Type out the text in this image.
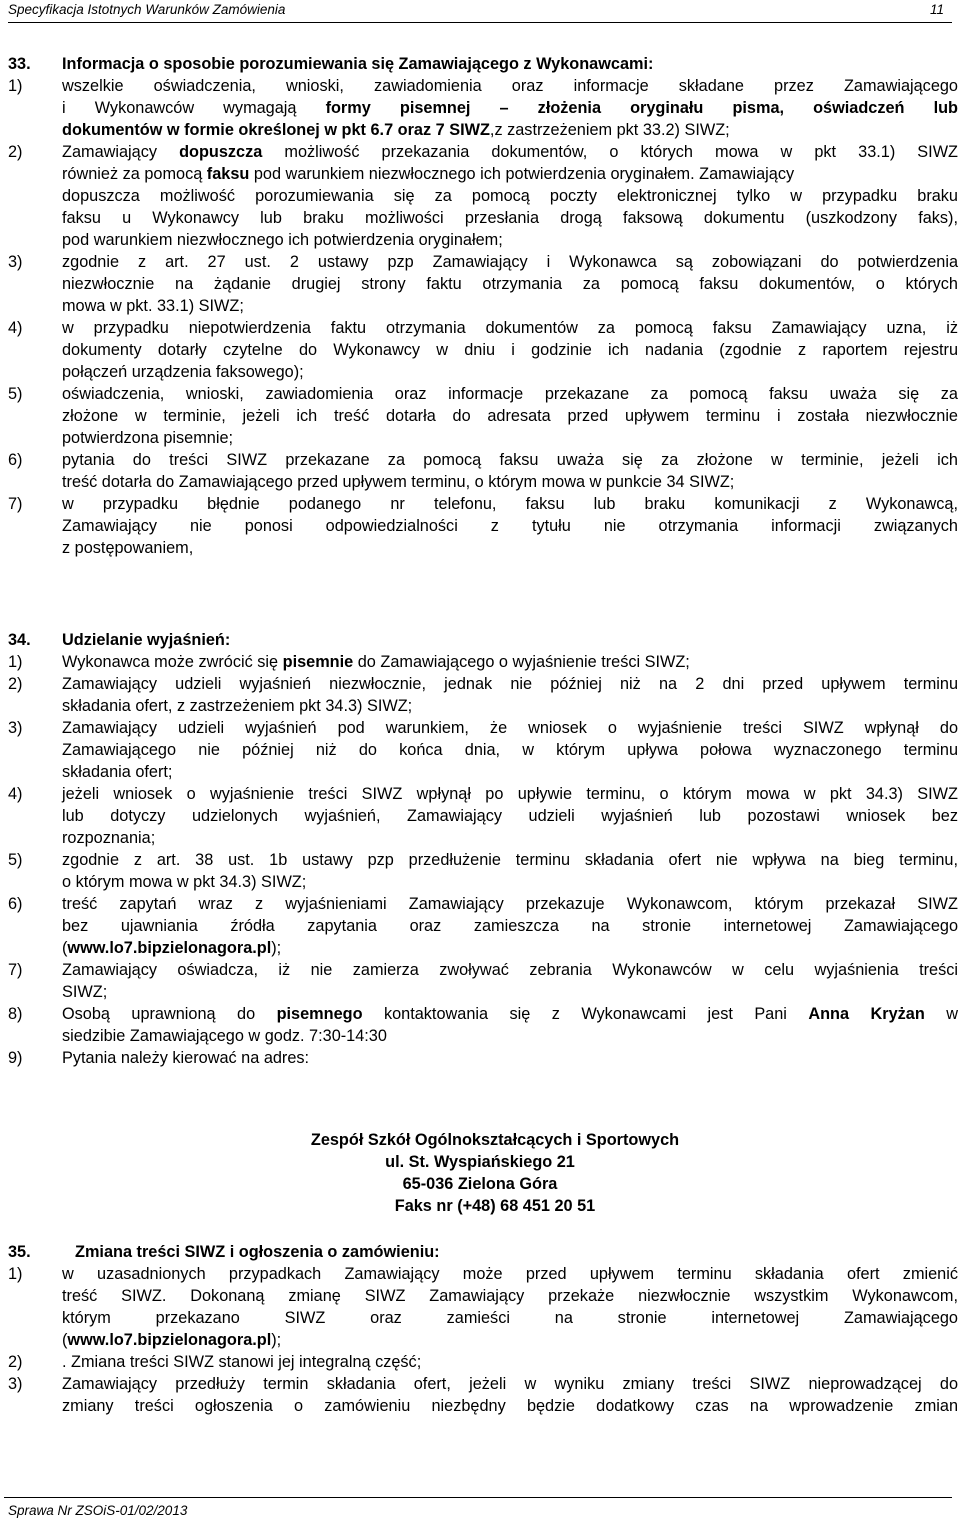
Specyfikacja Istotnych Warunków Zamówienia	11
33. Informacja o sposobie porozumiewania się Zamawiającego z Wykonawcami:
1) wszelkie oświadczenia, wnioski, zawiadomienia oraz informacje składane przez Zamawiającego
i Wykonawców wymagają formy pisemnej – złożenia oryginału pisma, oświadczeń lub
dokumentów w formie określonej w pkt 6.7 oraz 7 SIWZ,z zastrzeżeniem pkt 33.2) SIWZ;
2) Zamawiający dopuszcza możliwość przekazania dokumentów, o których mowa w pkt 33.1) SIWZ
również za pomocą faksu pod warunkiem niezwłocznego ich potwierdzenia oryginałem. Zamawiający
dopuszcza możliwość porozumiewania się za pomocą poczty elektronicznej tylko w przypadku braku
faksu u Wykonawcy lub braku możliwości przesłania drogą faksową dokumentu (uszkodzony faks),
pod warunkiem niezwłocznego ich potwierdzenia oryginałem;
3) zgodnie z art. 27 ust. 2 ustawy pzp Zamawiający i Wykonawca są zobowiązani do potwierdzenia
niezwłocznie na żądanie drugiej strony faktu otrzymania za pomocą faksu dokumentów, o których
mowa w pkt. 33.1) SIWZ;
4) w przypadku niepotwierdzenia faktu otrzymania dokumentów za pomocą faksu Zamawiający uzna, iż
dokumenty dotarły czytelne do Wykonawcy w dniu i godzinie ich nadania (zgodnie z raportem rejestru
połączeń urządzenia faksowego);
5) oświadczenia, wnioski, zawiadomienia oraz informacje przekazane za pomocą faksu uważa się za
złożone w terminie, jeżeli ich treść dotarła do adresata przed upływem terminu i została niezwłocznie
potwierdzona pisemnie;
6) pytania do treści SIWZ przekazane za pomocą faksu uważa się za złożone w terminie, jeżeli ich
treść dotarła do Zamawiającego przed upływem terminu, o którym mowa w punkcie 34 SIWZ;
7) w przypadku błędnie podanego nr telefonu, faksu lub braku komunikacji z Wykonawcą,
Zamawiający nie ponosi odpowiedzialności z tytułu nie otrzymania informacji związanych
z postępowaniem,
34. Udzielanie wyjaśnień:
1) Wykonawca może zwrócić się pisemnie do Zamawiającego o wyjaśnienie treści SIWZ;
2) Zamawiający udzieli wyjaśnień niezwłocznie, jednak nie później niż na 2 dni przed upływem terminu
składania ofert, z zastrzeżeniem pkt 34.3) SIWZ;
3) Zamawiający udzieli wyjaśnień pod warunkiem, że wniosek o wyjaśnienie treści SIWZ wpłynął do
Zamawiającego nie później niż do końca dnia, w którym upływa połowa wyznaczonego terminu
składania ofert;
4) jeżeli wniosek o wyjaśnienie treści SIWZ wpłynął po upływie terminu, o którym mowa w pkt 34.3) SIWZ
lub dotyczy udzielonych wyjaśnień, Zamawiający udzieli wyjaśnień lub pozostawi wniosek bez
rozpoznania;
5) zgodnie z art. 38 ust. 1b ustawy pzp przedłużenie terminu składania ofert nie wpływa na bieg terminu,
o którym mowa w pkt 34.3) SIWZ;
6) treść zapytań wraz z wyjaśnieniami Zamawiający przekazuje Wykonawcom, którym przekazał SIWZ
bez ujawniania źródła zapytania oraz zamieszcza na stronie internetowej Zamawiającego
(www.lo7.bipzielonagora.pl);
7) Zamawiający oświadcza, iż nie zamierza zwoływać zebrania Wykonawców w celu wyjaśnienia treści
SIWZ;
8) Osobą uprawnioną do pisemnego kontaktowania się z Wykonawcami jest Pani Anna Kryżan w
siedzibie Zamawiającego w godz. 7:30-14:30
9) Pytania należy kierować na adres:
Zespół Szkół Ogólnokształcących i Sportowych
ul. St. Wyspiańskiego 21
65-036 Zielona Góra
Faks nr (+48) 68 451 20 51
35.	Zmiana treści SIWZ i ogłoszenia o zamówieniu:
1) w uzasadnionych przypadkach Zamawiający może przed upływem terminu składania ofert zmienić
treść SIWZ. Dokonaną zmianę SIWZ Zamawiający przekaże niezwłocznie wszystkim Wykonawcom,
którym przekazano SIWZ oraz zamieści na stronie internetowej Zamawiającego
(www.lo7.bipzielonagora.pl);
2) . Zmiana treści SIWZ stanowi jej integralną część;
3) Zamawiający przedłuży termin składania ofert, jeżeli w wyniku zmiany treści SIWZ nieprowadzącej do
zmiany treści ogłoszenia o zamówieniu niezbędny będzie dodatkowy czas na wprowadzenie zmian
Sprawa Nr ZSOiS-01/02/2013
